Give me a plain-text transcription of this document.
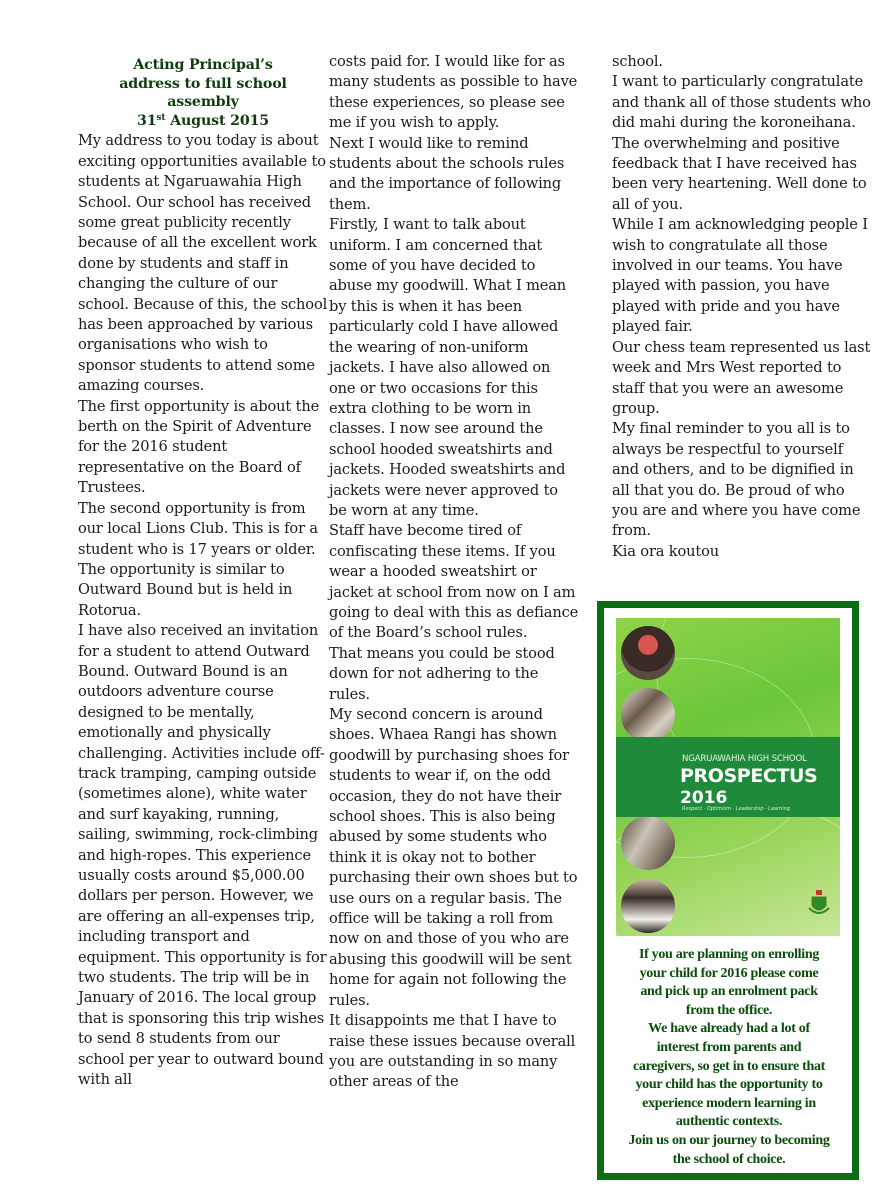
Acting Principal’s
address to full school
assembly
31st August 2015

My address to you today is about exciting opportunities available to students at Ngaruawahia High School. Our school has received some great publicity recently because of all the excellent work done by students and staff in changing the culture of our school. Because of this, the school has been approached by various organisations who wish to sponsor students to attend some amazing courses.

The first opportunity is about the berth on the Spirit of Adventure for the 2016 student representative on the Board of Trustees.

The second opportunity is from our local Lions Club. This is for a student who is 17 years or older. The opportunity is similar to Outward Bound but is held in Rotorua.

I have also received an invitation for a student to attend Outward Bound. Outward Bound is an outdoors adventure course designed to be mentally, emotionally and physically challenging. Activities include off-track tramping, camping outside (sometimes alone), white water and surf kayaking, running, sailing, swimming, rock-climbing and high-ropes. This experience usually costs around $5,000.00 dollars per person. However, we are offering an all-expenses trip, including transport and equipment. This opportunity is for two students. The trip will be in January of 2016. The local group that is sponsoring this trip wishes to send 8 students from our school per year to outward bound with all

costs paid for. I would like for as many students as possible to have these experiences, so please see me if you wish to apply.

Next I would like to remind students about the schools rules and the importance of following them.

Firstly, I want to talk about uniform. I am concerned that some of you have decided to abuse my goodwill. What I mean by this is when it has been particularly cold I have allowed the wearing of non-uniform jackets. I have also allowed on one or two occasions for this extra clothing to be worn in classes. I now see around the school hooded sweatshirts and jackets. Hooded sweatshirts and jackets were never approved to be worn at any time.

Staff have become tired of confiscating these items. If you wear a hooded sweatshirt or jacket at school from now on I am going to deal with this as defiance of the Board’s school rules.

That means you could be stood down for not adhering to the rules.

My second concern is around shoes. Whaea Rangi has shown goodwill by purchasing shoes for students to wear if, on the odd occasion, they do not have their school shoes. This is also being abused by some students who think it is okay not to bother purchasing their own shoes but to use ours on a regular basis. The office will be taking a roll from now on and those of you who are abusing this goodwill will be sent home for again not following the rules.

It disappoints me that I have to raise these issues because overall you are outstanding in so many other areas of the

school.

I want to particularly congratulate and thank all of those students who did mahi during the koroneihana. The overwhelming and positive feedback that I have received has been very heartening. Well done to all of you.

While I am acknowledging people I wish to congratulate all those involved in our teams. You have played with passion, you have played with pride and you have played fair.

Our chess team represented us last week and Mrs West reported to staff that you were an awesome group.

My final reminder to you all is to always be respectful to yourself and others, and to be dignified in all that you do. Be proud of who you are and where you have come from.

Kia ora koutou

NGARUAWAHIA HIGH SCHOOL
PROSPECTUS
2016
Respect · Optimism · Leadership · Learning
If you are planning on enrolling
your child for 2016 please come
and pick up an enrolment pack
from the office.
We have already had a lot of
interest from parents and
caregivers, so get in to ensure that
your child has the opportunity to
experience modern learning in
authentic contexts.
Join us on our journey to becoming
the school of choice.
